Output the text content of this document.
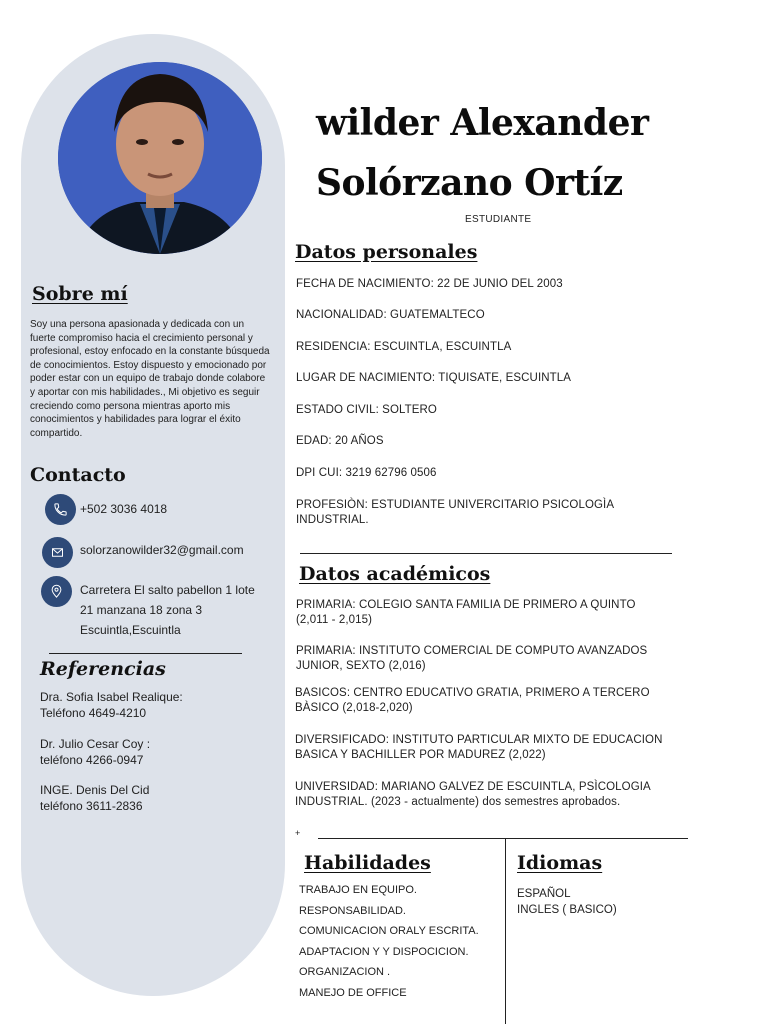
Sobre mí
Soy una persona apasionada y dedicada con un fuerte compromiso hacia el crecimiento personal y profesional, estoy enfocado en la constante búsqueda de conocimientos. Estoy dispuesto y emocionado por poder estar con un equipo de trabajo donde colabore y aportar con mis habilidades., Mi objetivo es seguir creciendo como persona mientras aporto mis conocimientos y habilidades para lograr el éxito compartido.
Contacto
+502 3036 4018
solorzanowilder32@gmail.com
Carretera El salto pabellon 1 lote
21 manzana 18 zona 3
Escuintla,Escuintla
Referencias
Dra. Sofia Isabel Realique:
Teléfono 4649-4210
Dr. Julio Cesar Coy :
teléfono 4266-0947
INGE. Denis Del Cid
teléfono 3611-2836
wilder Alexander
Solórzano Ortíz
ESTUDIANTE
Datos personales
FECHA DE NACIMIENTO: 22 DE JUNIO DEL 2003
NACIONALIDAD: GUATEMALTECO
RESIDENCIA: ESCUINTLA, ESCUINTLA
LUGAR DE NACIMIENTO: TIQUISATE, ESCUINTLA
ESTADO CIVIL: SOLTERO
EDAD: 20 AÑOS
DPI CUI: 3219 62796 0506
PROFESIÒN: ESTUDIANTE UNIVERCITARIO PSICOLOGÌA
INDUSTRIAL.
Datos académicos
PRIMARIA: COLEGIO SANTA FAMILIA DE PRIMERO A QUINTO
(2,011 - 2,015)
PRIMARIA: INSTITUTO COMERCIAL DE COMPUTO AVANZADOS
JUNIOR, SEXTO (2,016)
BASICOS: CENTRO EDUCATIVO GRATIA, PRIMERO A TERCERO
BÀSICO (2,018-2,020)
DIVERSIFICADO: INSTITUTO PARTICULAR MIXTO DE EDUCACION
BASICA Y BACHILLER POR MADUREZ (2,022)
UNIVERSIDAD: MARIANO GALVEZ DE ESCUINTLA, PSÌCOLOGIA
INDUSTRIAL. (2023 - actualmente) dos semestres aprobados.
+
Habilidades
TRABAJO EN EQUIPO.
RESPONSABILIDAD.
COMUNICACION ORALY ESCRITA.
ADAPTACION Y Y DISPOCICION.
ORGANIZACION .
MANEJO DE OFFICE
Idiomas
ESPAÑOL
INGLES ( BASICO)
